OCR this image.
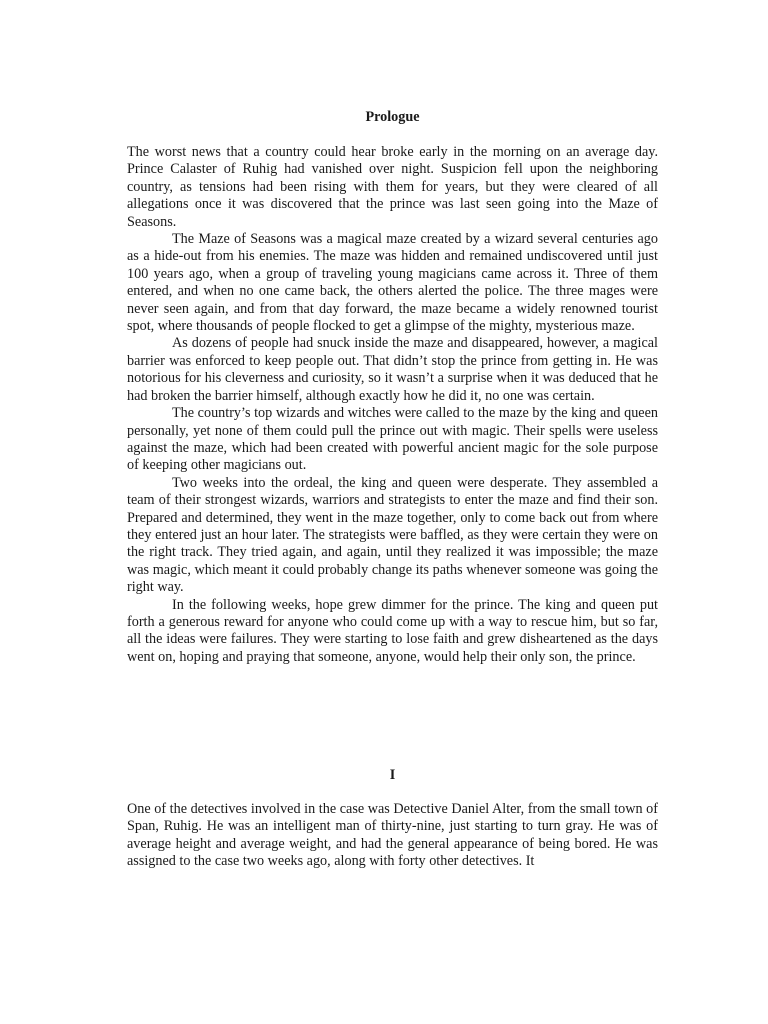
Prologue

The worst news that a country could hear broke early in the morning on an average day. Prince Calaster of Ruhig had vanished over night. Suspicion fell upon the neighboring country, as tensions had been rising with them for years, but they were cleared of all allegations once it was discovered that the prince was last seen going into the Maze of Seasons.

The Maze of Seasons was a magical maze created by a wizard several centuries ago as a hide-out from his enemies. The maze was hidden and remained undiscovered until just 100 years ago, when a group of traveling young magicians came across it. Three of them entered, and when no one came back, the others alerted the police. The three mages were never seen again, and from that day forward, the maze became a widely renowned tourist spot, where thousands of people flocked to get a glimpse of the mighty, mysterious maze.

As dozens of people had snuck inside the maze and disappeared, however, a magical barrier was enforced to keep people out. That didn’t stop the prince from getting in. He was notorious for his cleverness and curiosity, so it wasn’t a surprise when it was deduced that he had broken the barrier himself, although exactly how he did it, no one was certain.

The country’s top wizards and witches were called to the maze by the king and queen personally, yet none of them could pull the prince out with magic. Their spells were useless against the maze, which had been created with powerful ancient magic for the sole purpose of keeping other magicians out.

Two weeks into the ordeal, the king and queen were desperate. They assembled a team of their strongest wizards, warriors and strategists to enter the maze and find their son. Prepared and determined, they went in the maze together, only to come back out from where they entered just an hour later. The strategists were baffled, as they were certain they were on the right track. They tried again, and again, until they realized it was impossible; the maze was magic, which meant it could probably change its paths whenever someone was going the right way.

In the following weeks, hope grew dimmer for the prince. The king and queen put forth a generous reward for anyone who could come up with a way to rescue him, but so far, all the ideas were failures. They were starting to lose faith and grew disheartened as the days went on, hoping and praying that someone, anyone, would help their only son, the prince.

I

One of the detectives involved in the case was Detective Daniel Alter, from the small town of Span, Ruhig. He was an intelligent man of thirty-nine, just starting to turn gray. He was of average height and average weight, and had the general appearance of being bored. He was assigned to the case two weeks ago, along with forty other detectives. It
